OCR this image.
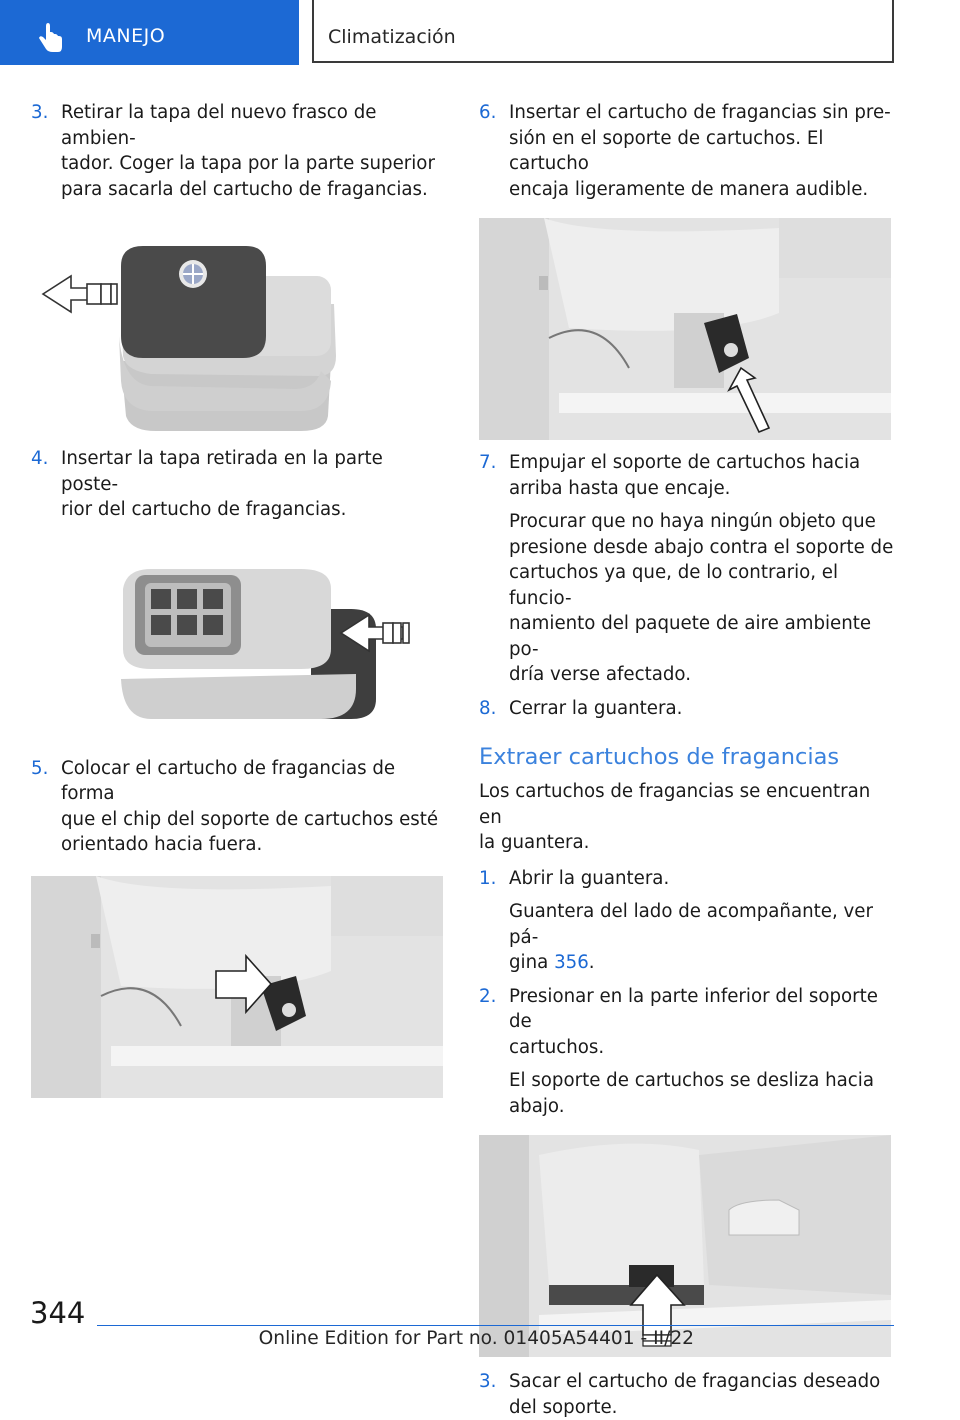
MANEJO	Climatización
3. Retirar la tapa del nuevo frasco de ambien-
tador. Coger la tapa por la parte superior
para sacarla del cartucho de fragancias.
4. Insertar la tapa retirada en la parte poste-
rior del cartucho de fragancias.
5. Colocar el cartucho de fragancias de forma
que el chip del soporte de cartuchos esté
orientado hacia fuera.
6. Insertar el cartucho de fragancias sin pre-
sión en el soporte de cartuchos. El cartucho
encaja ligeramente de manera audible.
7. Empujar el soporte de cartuchos hacia
arriba hasta que encaje.
Procurar que no haya ningún objeto que
presione desde abajo contra el soporte de
cartuchos ya que, de lo contrario, el funcio-
namiento del paquete de aire ambiente po-
dría verse afectado.
8. Cerrar la guantera.
Extraer cartuchos de fragancias
Los cartuchos de fragancias se encuentran en
la guantera.
1. Abrir la guantera.
Guantera del lado de acompañante, ver pá-
gina 356.
2. Presionar en la parte inferior del soporte de
cartuchos.
El soporte de cartuchos se desliza hacia
abajo.
3. Sacar el cartucho de fragancias deseado
del soporte.
344
Online Edition for Part no. 01405A54401 - II/22
